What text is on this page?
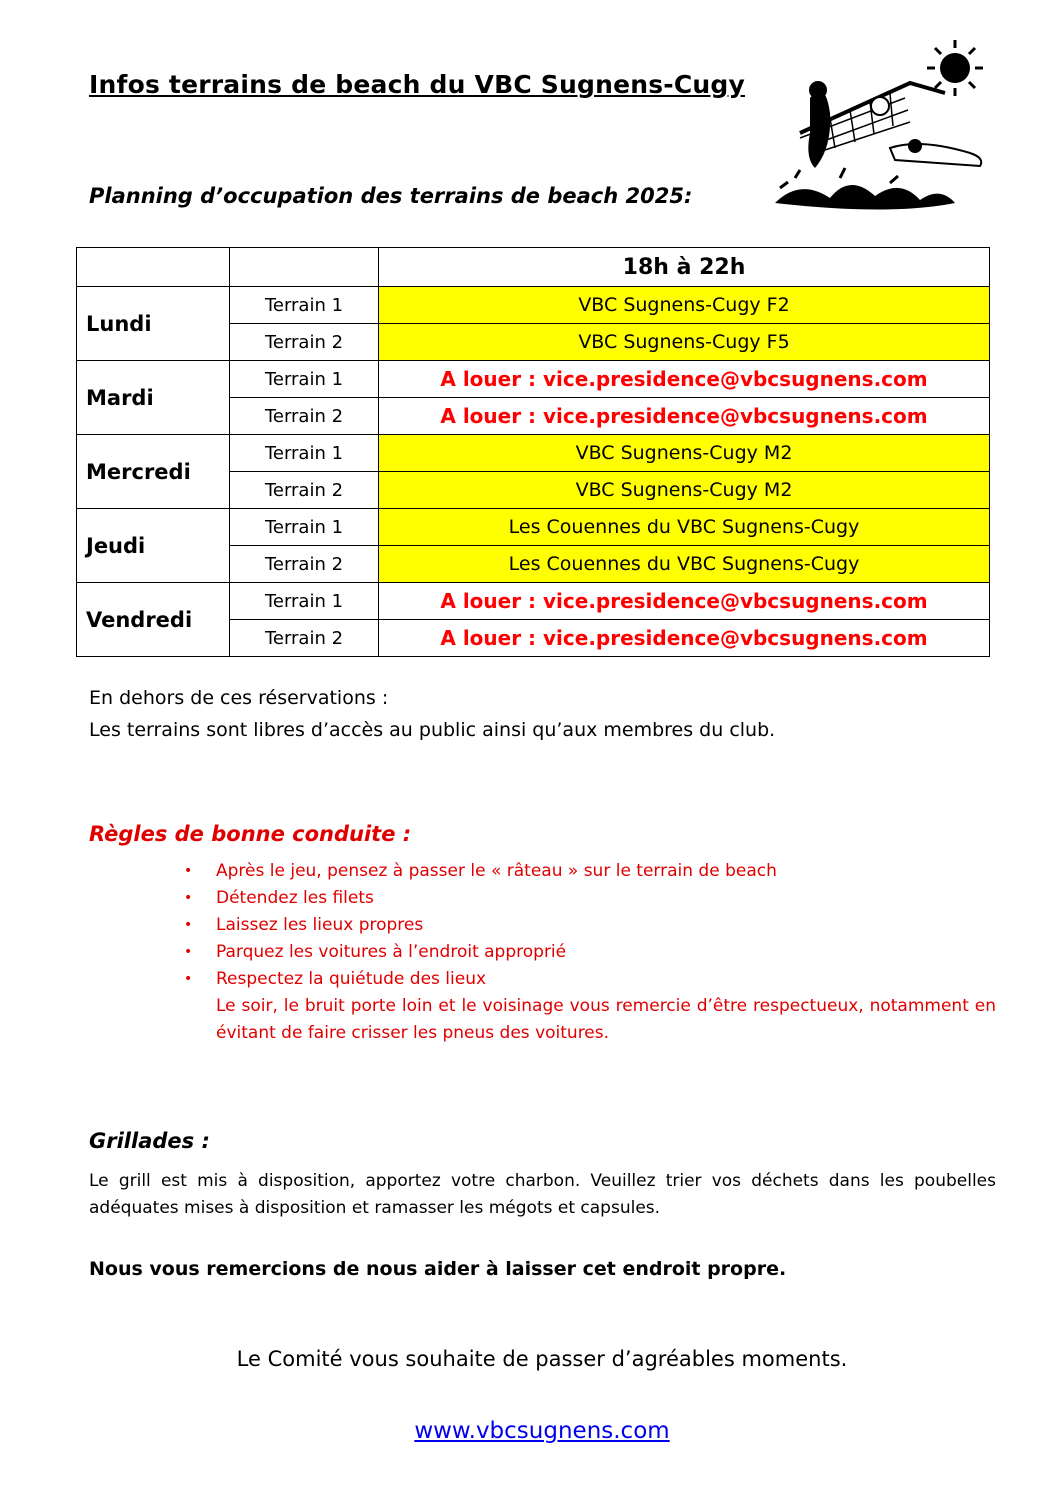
Infos terrains de beach du VBC Sugnens-Cugy
Planning d’occupation des terrains de beach 2025:
		18h à 22h
Lundi	Terrain 1	VBC Sugnens-Cugy F2
	Terrain 2	VBC Sugnens-Cugy F5
Mardi	Terrain 1	A louer : vice.presidence@vbcsugnens.com
	Terrain 2	A louer : vice.presidence@vbcsugnens.com
Mercredi	Terrain 1	VBC Sugnens-Cugy M2
	Terrain 2	VBC Sugnens-Cugy M2
Jeudi	Terrain 1	Les Couennes du VBC Sugnens-Cugy
	Terrain 2	Les Couennes du VBC Sugnens-Cugy
Vendredi	Terrain 1	A louer : vice.presidence@vbcsugnens.com
	Terrain 2	A louer : vice.presidence@vbcsugnens.com
En dehors de ces réservations :
Les terrains sont libres d’accès au public ainsi qu’aux membres du club.
Règles de bonne conduite :
• Après le jeu, pensez à passer le « râteau » sur le terrain de beach
• Détendez les filets
• Laissez les lieux propres
• Parquez les voitures à l’endroit approprié
• Respectez la quiétude des lieux
Le soir, le bruit porte loin et le voisinage vous remercie d’être respectueux, notamment en évitant de faire crisser les pneus des voitures.
Grillades :
Le grill est mis à disposition, apportez votre charbon. Veuillez trier vos déchets dans les poubelles adéquates mises à disposition et ramasser les mégots et capsules.
Nous vous remercions de nous aider à laisser cet endroit propre.
Le Comité vous souhaite de passer d’agréables moments.
www.vbcsugnens.com
